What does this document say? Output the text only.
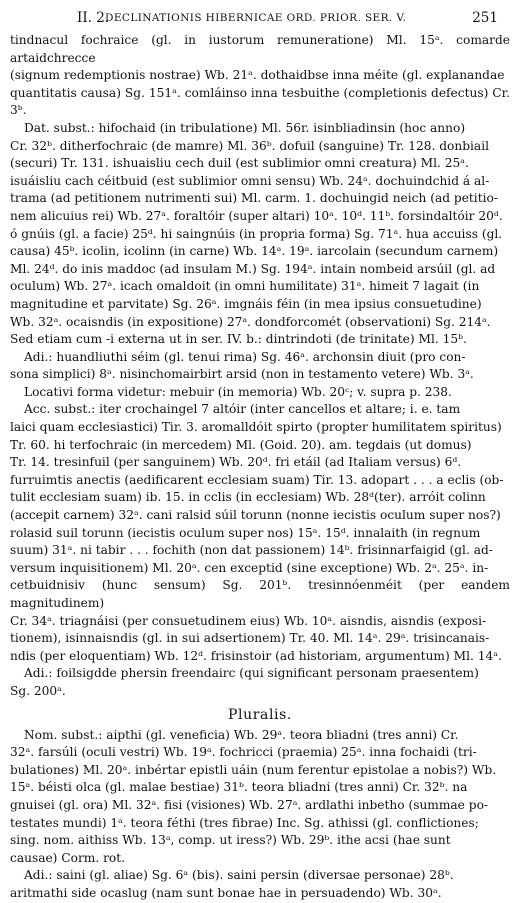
II. 2.
DECLINATIONIS HIBERNICAE ORD. PRIOR. SER. V.	251
tindnacul fochraice (gl. in iustorum remuneratione) Ml. 15ᵃ. comarde artaidchrecce
(signum redemptionis nostrae) Wb. 21ᵃ. dothaidbse inna méite (gl. explanandae
quantitatis causa) Sg. 151ᵃ. comláinso inna tesbuithe (completionis defectus) Cr. 3ᵇ.
Dat. subst.: hifochaid (in tribulatione) Ml. 56r. isinbliadinsin (hoc anno)
Cr. 32ᵇ. ditherfochraic (de mamre) Ml. 36ᵇ. dofuil (sanguine) Tr. 128. donbiail
(securi) Tr. 131. ishuaisliu cech duil (est sublimior omni creatura) Ml. 25ᵃ.
isuáisliu cach céitbuid (est sublimior omni sensu) Wb. 24ᵃ. dochuindchid á al-
trama (ad petitionem nutrimenti sui) Ml. carm. 1. dochuingid neich (ad petitio-
nem alicuius rei) Wb. 27ᵃ. foraltóir (super altari) 10ᵃ. 10ᵈ. 11ᵇ. forsindaltóir 20ᵈ.
ó gnúis (gl. a facie) 25ᵈ. hi saingnúis (in propria forma) Sg. 71ᵃ. hua accuiss (gl.
causa) 45ᵇ. icolin, icolinn (in carne) Wb. 14ᵃ. 19ᵃ. iarcolain (secundum carnem)
Ml. 24ᵈ. do inis maddoc (ad insulam M.) Sg. 194ᵃ. intain nombeid arsúil (gl. ad
oculum) Wb. 27ᵃ. icach omaldoit (in omni humilitate) 31ᵃ. himeit 7 lagait (in
magnitudine et parvitate) Sg. 26ᵃ. imgnáis féin (in mea ipsius consuetudine)
Wb. 32ᵃ. ocaisndis (in expositione) 27ᵃ. dondforcomét (observationi) Sg. 214ᵃ.
Sed etiam cum -i externa ut in ser. IV. b.: dintrindoti (de trinitate) Ml. 15ᵇ.
Adi.: huandliuthi séim (gl. tenui rima) Sg. 46ᵃ. archonsin diuit (pro con-
sona simplici) 8ᵃ. nisinchomairbirt arsid (non in testamento vetere) Wb. 3ᵃ.
Locativi forma videtur: mebuir (in memoria) Wb. 20ᶜ; v. supra p. 238.
Acc. subst.: iter crochaingel 7 altóir (inter cancellos et altare; i. e. tam
laici quam ecclesiastici) Tir. 3. aromalldóit spirto (propter humilitatem spiritus)
Tr. 60. hi terfochraic (in mercedem) Ml. (Goid. 20). am. tegdais (ut domus)
Tr. 14. tresinfuil (per sanguinem) Wb. 20ᵈ. fri etáil (ad Italiam versus) 6ᵈ.
furruimtis anectis (aedificarent ecclesiam suam) Tir. 13. adopart . . . a eclis (ob-
tulit ecclesiam suam) ib. 15. in cclis (in ecclesiam) Wb. 28ᵈ(ter). arróit colinn
(accepit carnem) 32ᵃ. cani ralsid súil torunn (nonne iecistis oculum super nos?)
rolasid suil torunn (iecistis oculum super nos) 15ᵃ. 15ᵈ. innalaith (in regnum
suum) 31ᵃ. ni tabir . . . fochith (non dat passionem) 14ᵇ. frisinnarfaigid (gl. ad-
versum inquisitionem) Ml. 20ᵃ. cen exceptid (sine exceptione) Wb. 2ᵃ. 25ᵃ. in-
cetbuidnisiv (hunc sensum) Sg. 201ᵇ. tresinnóenméit (per eandem magnitudinem)
Cr. 34ᵃ. triagnáisi (per consuetudinem eius) Wb. 10ᵃ. aisndis, aisndis (exposi-
tionem), isinnaisndis (gl. in sui adsertionem) Tr. 40. Ml. 14ᵃ. 29ᵃ. trisincanais-
ndis (per eloquentiam) Wb. 12ᵈ. frisinstoir (ad historiam, argumentum) Ml. 14ᵃ.
Adi.: foilsigdde phersin freendairc (qui significant personam praesentem)
Sg. 200ᵃ.
Pluralis.
Nom. subst.: aipthi (gl. veneficia) Wb. 29ᵃ. teora bliadni (tres anni) Cr.
32ᵃ. farsúli (oculi vestri) Wb. 19ᵃ. fochricci (praemia) 25ᵃ. inna fochaidi (tri-
bulationes) Ml. 20ᵃ. inbértar epistli uáin (num ferentur epistolae a nobis?) Wb.
15ᵃ. béisti olca (gl. malae bestiae) 31ᵇ. teora bliadni (tres anni) Cr. 32ᵇ. na
gnuisei (gl. ora) Ml. 32ᵃ. fisi (visiones) Wb. 27ᵃ. ardlathi inbetho (summae po-
testates mundi) 1ᵃ. teora féthi (tres fibrae) Inc. Sg. athissi (gl. conflictiones;
sing. nom. aithiss Wb. 13ᵃ, comp. ut iress?) Wb. 29ᵇ. ithe acsi (hae sunt
causae) Corm. rot.
Adi.: saini (gl. aliae) Sg. 6ᵃ (bis). saini persin (diversae personae) 28ᵇ.
aritmathi side ocaslug (nam sunt bonae hae in persuadendo) Wb. 30ᵃ.
